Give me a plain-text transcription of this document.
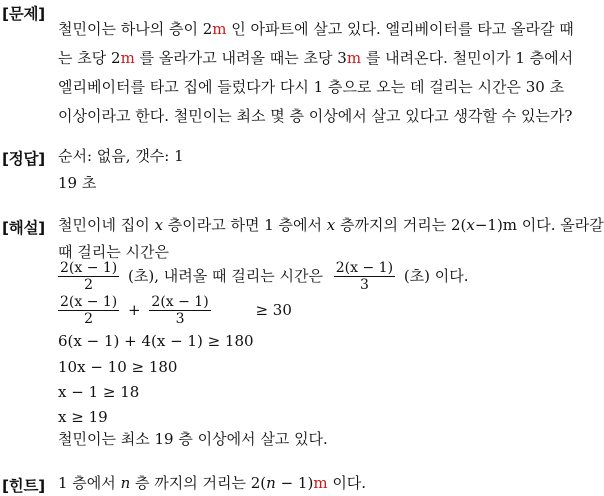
[문제]
철민이는 하나의 층이 2m 인 아파트에 살고 있다. 엘리베이터를 타고 올라갈 때
는 초당 2m 를 올라가고 내려올 때는 초당 3m 를 내려온다. 철민이가 1 층에서
엘리베이터를 타고 집에 들렀다가 다시 1 층으로 오는 데 걸리는 시간은 30 초
이상이라고 한다. 철민이는 최소 몇 층 이상에서 살고 있다고 생각할 수 있는가?
[정답] 순서: 없음, 갯수: 1
19 초
[해설] 철민이네 집이 x 층이라고 하면 1 층에서 x 층까지의 거리는 2(x−1)m 이다. 올라갈
때 걸리는 시간은
$\frac{2(x - 1)}{2}$ (초), 내려올 때 걸리는 시간은 $\frac{2(x - 1)}{3}$ (초) 이다.
$\frac{2(x - 1)}{2} + \frac{2(x - 1)}{3}$	≥ 30
6(x − 1) + 4(x − 1) ≥ 180
10x − 10 ≥ 180
x − 1 ≥ 18
x ≥ 19
철민이는 최소 19 층 이상에서 살고 있다.
[힌트] 1 층에서 n 층 까지의 거리는 2(n − 1)m 이다.
